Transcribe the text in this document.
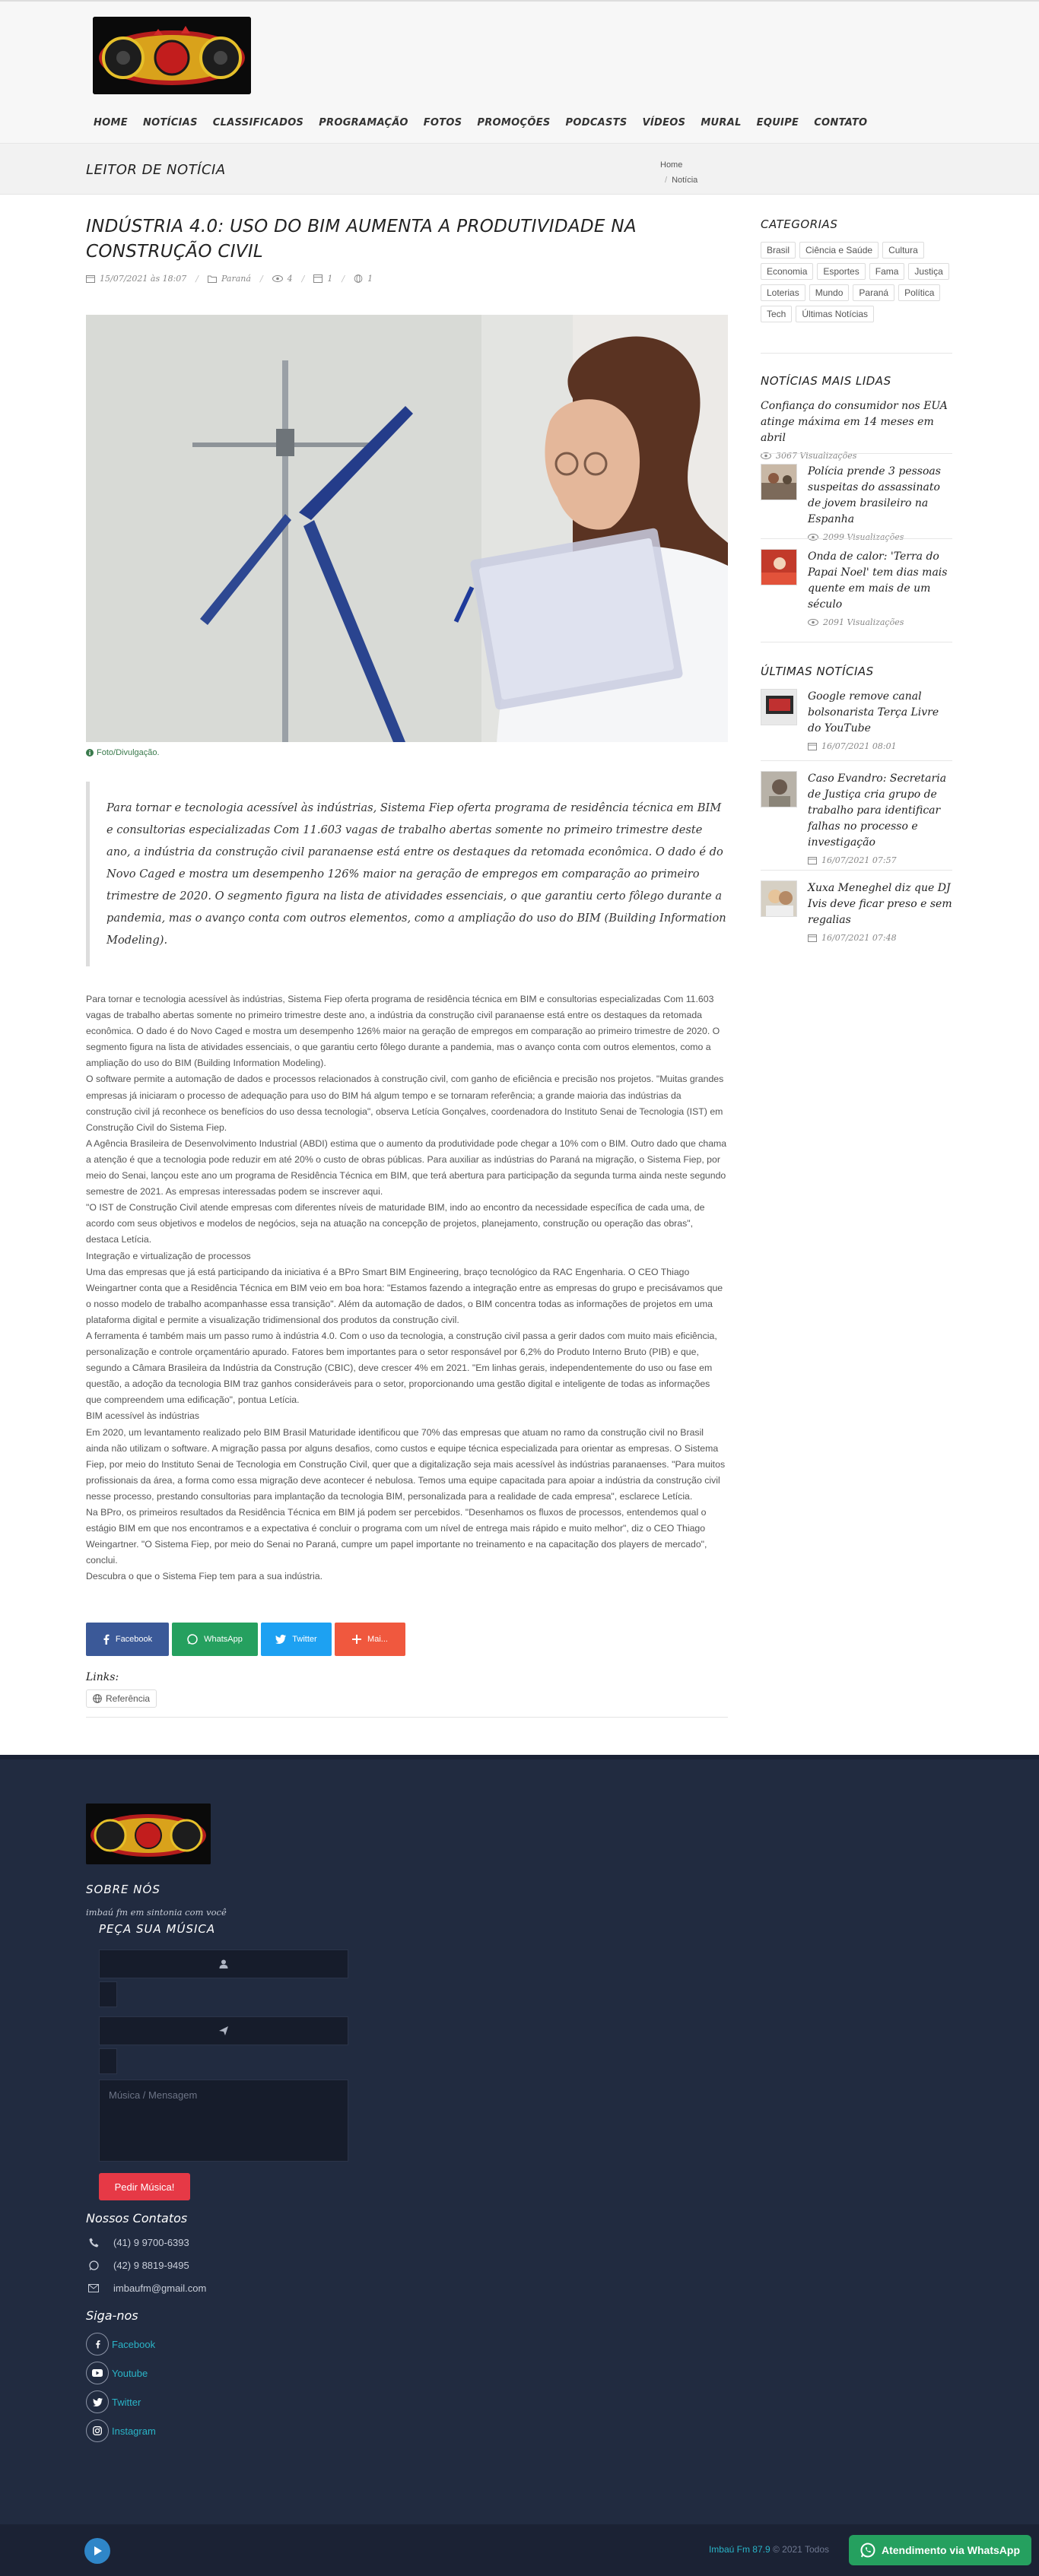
HOME	NOTÍCIAS	CLASSIFICADOS	PROGRAMAÇÃO	FOTOS	PROMOÇÕES	PODCASTS	VÍDEOS	MURAL	EQUIPE	CONTATO
LEITOR DE NOTÍCIA	Home
/ Notícia
INDÚSTRIA 4.0: USO DO BIM AUMENTA A PRODUTIVIDADE NA CONSTRUÇÃO CIVIL
15/07/2021 às 18:07 /	Paraná /	4 /	1 /	1
Foto/Divulgação.
Para tornar e tecnologia acessível às indústrias, Sistema Fiep oferta programa de residência técnica em BIM e consultorias especializadas Com 11.603 vagas de trabalho abertas somente no primeiro trimestre deste ano, a indústria da construção civil paranaense está entre os destaques da retomada econômica. O dado é do Novo Caged e mostra um desempenho 126% maior na geração de empregos em comparação ao primeiro trimestre de 2020. O segmento figura na lista de atividades essenciais, o que garantiu certo fôlego durante a pandemia, mas o avanço conta com outros elementos, como a ampliação do uso do BIM (Building Information Modeling).

Para tornar e tecnologia acessível às indústrias, Sistema Fiep oferta programa de residência técnica em BIM e consultorias especializadas Com 11.603 vagas de trabalho abertas somente no primeiro trimestre deste ano, a indústria da construção civil paranaense está entre os destaques da retomada econômica. O dado é do Novo Caged e mostra um desempenho 126% maior na geração de empregos em comparação ao primeiro trimestre de 2020. O segmento figura na lista de atividades essenciais, o que garantiu certo fôlego durante a pandemia, mas o avanço conta com outros elementos, como a ampliação do uso do BIM (Building Information Modeling).

O software permite a automação de dados e processos relacionados à construção civil, com ganho de eficiência e precisão nos projetos. "Muitas grandes empresas já iniciaram o processo de adequação para uso do BIM há algum tempo e se tornaram referência; a grande maioria das indústrias da construção civil já reconhece os benefícios do uso dessa tecnologia", observa Letícia Gonçalves, coordenadora do Instituto Senai de Tecnologia (IST) em Construção Civil do Sistema Fiep.

A Agência Brasileira de Desenvolvimento Industrial (ABDI) estima que o aumento da produtividade pode chegar a 10% com o BIM. Outro dado que chama a atenção é que a tecnologia pode reduzir em até 20% o custo de obras públicas. Para auxiliar as indústrias do Paraná na migração, o Sistema Fiep, por meio do Senai, lançou este ano um programa de Residência Técnica em BIM, que terá abertura para participação da segunda turma ainda neste segundo semestre de 2021. As empresas interessadas podem se inscrever aqui.

"O IST de Construção Civil atende empresas com diferentes níveis de maturidade BIM, indo ao encontro da necessidade específica de cada uma, de acordo com seus objetivos e modelos de negócios, seja na atuação na concepção de projetos, planejamento, construção ou operação das obras", destaca Letícia.

Integração e virtualização de processos

Uma das empresas que já está participando da iniciativa é a BPro Smart BIM Engineering, braço tecnológico da RAC Engenharia. O CEO Thiago Weingartner conta que a Residência Técnica em BIM veio em boa hora: "Estamos fazendo a integração entre as empresas do grupo e precisávamos que o nosso modelo de trabalho acompanhasse essa transição". Além da automação de dados, o BIM concentra todas as informações de projetos em uma plataforma digital e permite a visualização tridimensional dos produtos da construção civil.

A ferramenta é também mais um passo rumo à indústria 4.0. Com o uso da tecnologia, a construção civil passa a gerir dados com muito mais eficiência, personalização e controle orçamentário apurado. Fatores bem importantes para o setor responsável por 6,2% do Produto Interno Bruto (PIB) e que, segundo a Câmara Brasileira da Indústria da Construção (CBIC), deve crescer 4% em 2021. "Em linhas gerais, independentemente do uso ou fase em questão, a adoção da tecnologia BIM traz ganhos consideráveis para o setor, proporcionando uma gestão digital e inteligente de todas as informações que compreendem uma edificação", pontua Letícia.

BIM acessível às indústrias

Em 2020, um levantamento realizado pelo BIM Brasil Maturidade identificou que 70% das empresas que atuam no ramo da construção civil no Brasil ainda não utilizam o software. A migração passa por alguns desafios, como custos e equipe técnica especializada para orientar as empresas. O Sistema Fiep, por meio do Instituto Senai de Tecnologia em Construção Civil, quer que a digitalização seja mais acessível às indústrias paranaenses. "Para muitos profissionais da área, a forma como essa migração deve acontecer é nebulosa. Temos uma equipe capacitada para apoiar a indústria da construção civil nesse processo, prestando consultorias para implantação da tecnologia BIM, personalizada para a realidade de cada empresa", esclarece Letícia.

Na BPro, os primeiros resultados da Residência Técnica em BIM já podem ser percebidos. "Desenhamos os fluxos de processos, entendemos qual o estágio BIM em que nos encontramos e a expectativa é concluir o programa com um nível de entrega mais rápido e muito melhor", diz o CEO Thiago Weingartner. "O Sistema Fiep, por meio do Senai no Paraná, cumpre um papel importante no treinamento e na capacitação dos players de mercado", conclui.

Descubra o que o Sistema Fiep tem para a sua indústria.

Facebook	WhatsApp	Twitter	Mai...
Links:
Referência
CATEGORIAS
Brasil	Ciência e Saúde	Cultura
Economia	Esportes	Fama	Justiça
Loterias	Mundo	Paraná	Política
Tech	Últimas Notícias
NOTÍCIAS MAIS LIDAS
Confiança do consumidor nos EUA atinge máxima em 14 meses em abril
3067 Visualizações
Polícia prende 3 pessoas suspeitas do assassinato de jovem brasileiro na Espanha
2099 Visualizações
Onda de calor: 'Terra do Papai Noel' tem dias mais quente em mais de um século
2091 Visualizações
ÚLTIMAS NOTÍCIAS
Google remove canal bolsonarista Terça Livre do YouTube
16/07/2021 08:01
Caso Evandro: Secretaria de Justiça cria grupo de trabalho para identificar falhas no processo e investigação
16/07/2021 07:57
Xuxa Meneghel diz que DJ Ivis deve ficar preso e sem regalias
16/07/2021 07:48
SOBRE NÓS
imbaú fm em sintonia com você
PEÇA SUA MÚSICA
Música / Mensagem
Pedir Música!
Nossos Contatos
(41) 9 9700-6393
(42) 9 8819-9495
imbaufm@gmail.com
Siga-nos
Facebook
Youtube
Twitter
Instagram
Imbaú Fm 87.9 © 2021 Todos	Atendimento via WhatsApp
